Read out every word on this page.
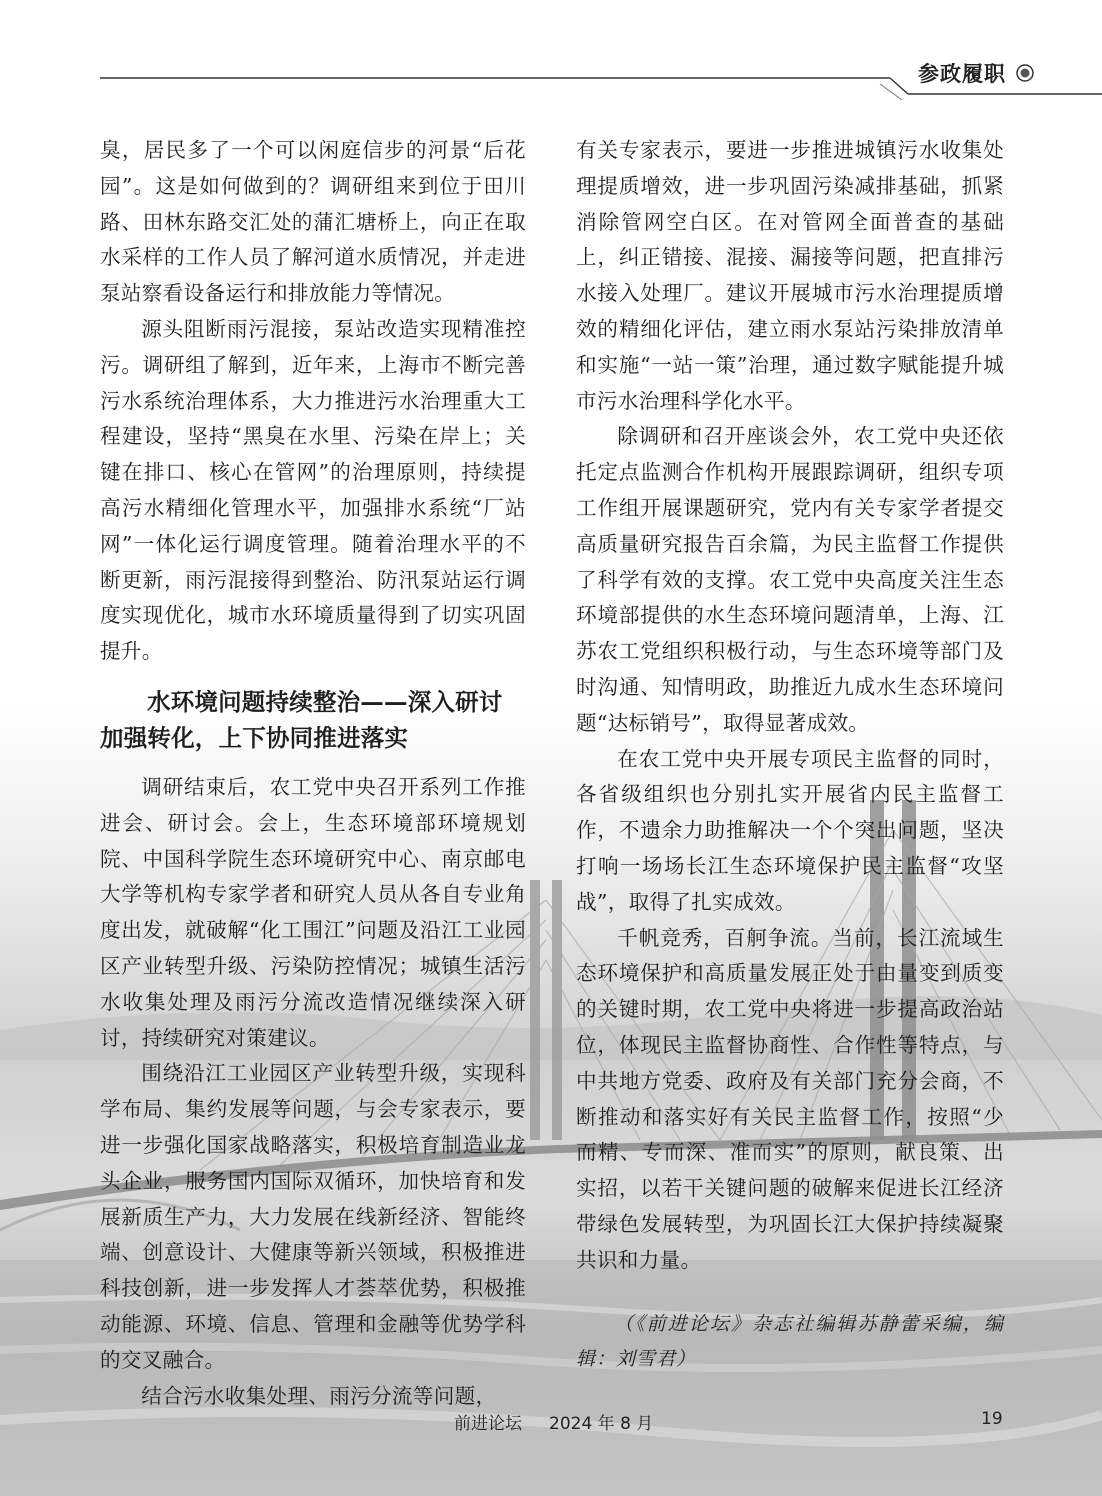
参政履职

臭，居民多了一个可以闲庭信步的河景“后花园”。这是如何做到的？调研组来到位于田川路、田林东路交汇处的蒲汇塘桥上，向正在取水采样的工作人员了解河道水质情况，并走进泵站察看设备运行和排放能力等情况。

源头阻断雨污混接，泵站改造实现精准控污。调研组了解到，近年来，上海市不断完善污水系统治理体系，大力推进污水治理重大工程建设，坚持“黑臭在水里、污染在岸上；关键在排口、核心在管网”的治理原则，持续提高污水精细化管理水平，加强排水系统“厂站网”一体化运行调度管理。随着治理水平的不断更新，雨污混接得到整治、防汛泵站运行调度实现优化，城市水环境质量得到了切实巩固提升。

水环境问题持续整治——深入研讨加强转化，上下协同推进落实

调研结束后，农工党中央召开系列工作推进会、研讨会。会上，生态环境部环境规划院、中国科学院生态环境研究中心、南京邮电大学等机构专家学者和研究人员从各自专业角度出发，就破解“化工围江”问题及沿江工业园区产业转型升级、污染防控情况；城镇生活污水收集处理及雨污分流改造情况继续深入研讨，持续研究对策建议。

围绕沿江工业园区产业转型升级，实现科学布局、集约发展等问题，与会专家表示，要进一步强化国家战略落实，积极培育制造业龙头企业，服务国内国际双循环，加快培育和发展新质生产力，大力发展在线新经济、智能终端、创意设计、大健康等新兴领域，积极推进科技创新，进一步发挥人才荟萃优势，积极推动能源、环境、信息、管理和金融等优势学科的交叉融合。

结合污水收集处理、雨污分流等问题，

有关专家表示，要进一步推进城镇污水收集处理提质增效，进一步巩固污染减排基础，抓紧消除管网空白区。在对管网全面普查的基础上，纠正错接、混接、漏接等问题，把直排污水接入处理厂。建议开展城市污水治理提质增效的精细化评估，建立雨水泵站污染排放清单和实施“一站一策”治理，通过数字赋能提升城市污水治理科学化水平。

除调研和召开座谈会外，农工党中央还依托定点监测合作机构开展跟踪调研，组织专项工作组开展课题研究，党内有关专家学者提交高质量研究报告百余篇，为民主监督工作提供了科学有效的支撑。农工党中央高度关注生态环境部提供的水生态环境问题清单，上海、江苏农工党组织积极行动，与生态环境等部门及时沟通、知情明政，助推近九成水生态环境问题“达标销号”，取得显著成效。

在农工党中央开展专项民主监督的同时，各省级组织也分别扎实开展省内民主监督工作，不遗余力助推解决一个个突出问题，坚决打响一场场长江生态环境保护民主监督“攻坚战”，取得了扎实成效。

千帆竞秀，百舸争流。当前，长江流域生态环境保护和高质量发展正处于由量变到质变的关键时期，农工党中央将进一步提高政治站位，体现民主监督协商性、合作性等特点，与中共地方党委、政府及有关部门充分会商，不断推动和落实好有关民主监督工作，按照“少而精、专而深、准而实”的原则，献良策、出实招，以若干关键问题的破解来促进长江经济带绿色发展转型，为巩固长江大保护持续凝聚共识和力量。

（《前进论坛》杂志社编辑苏静蕾采编，编辑：刘雪君）

前进论坛 2024 年 8 月	19
